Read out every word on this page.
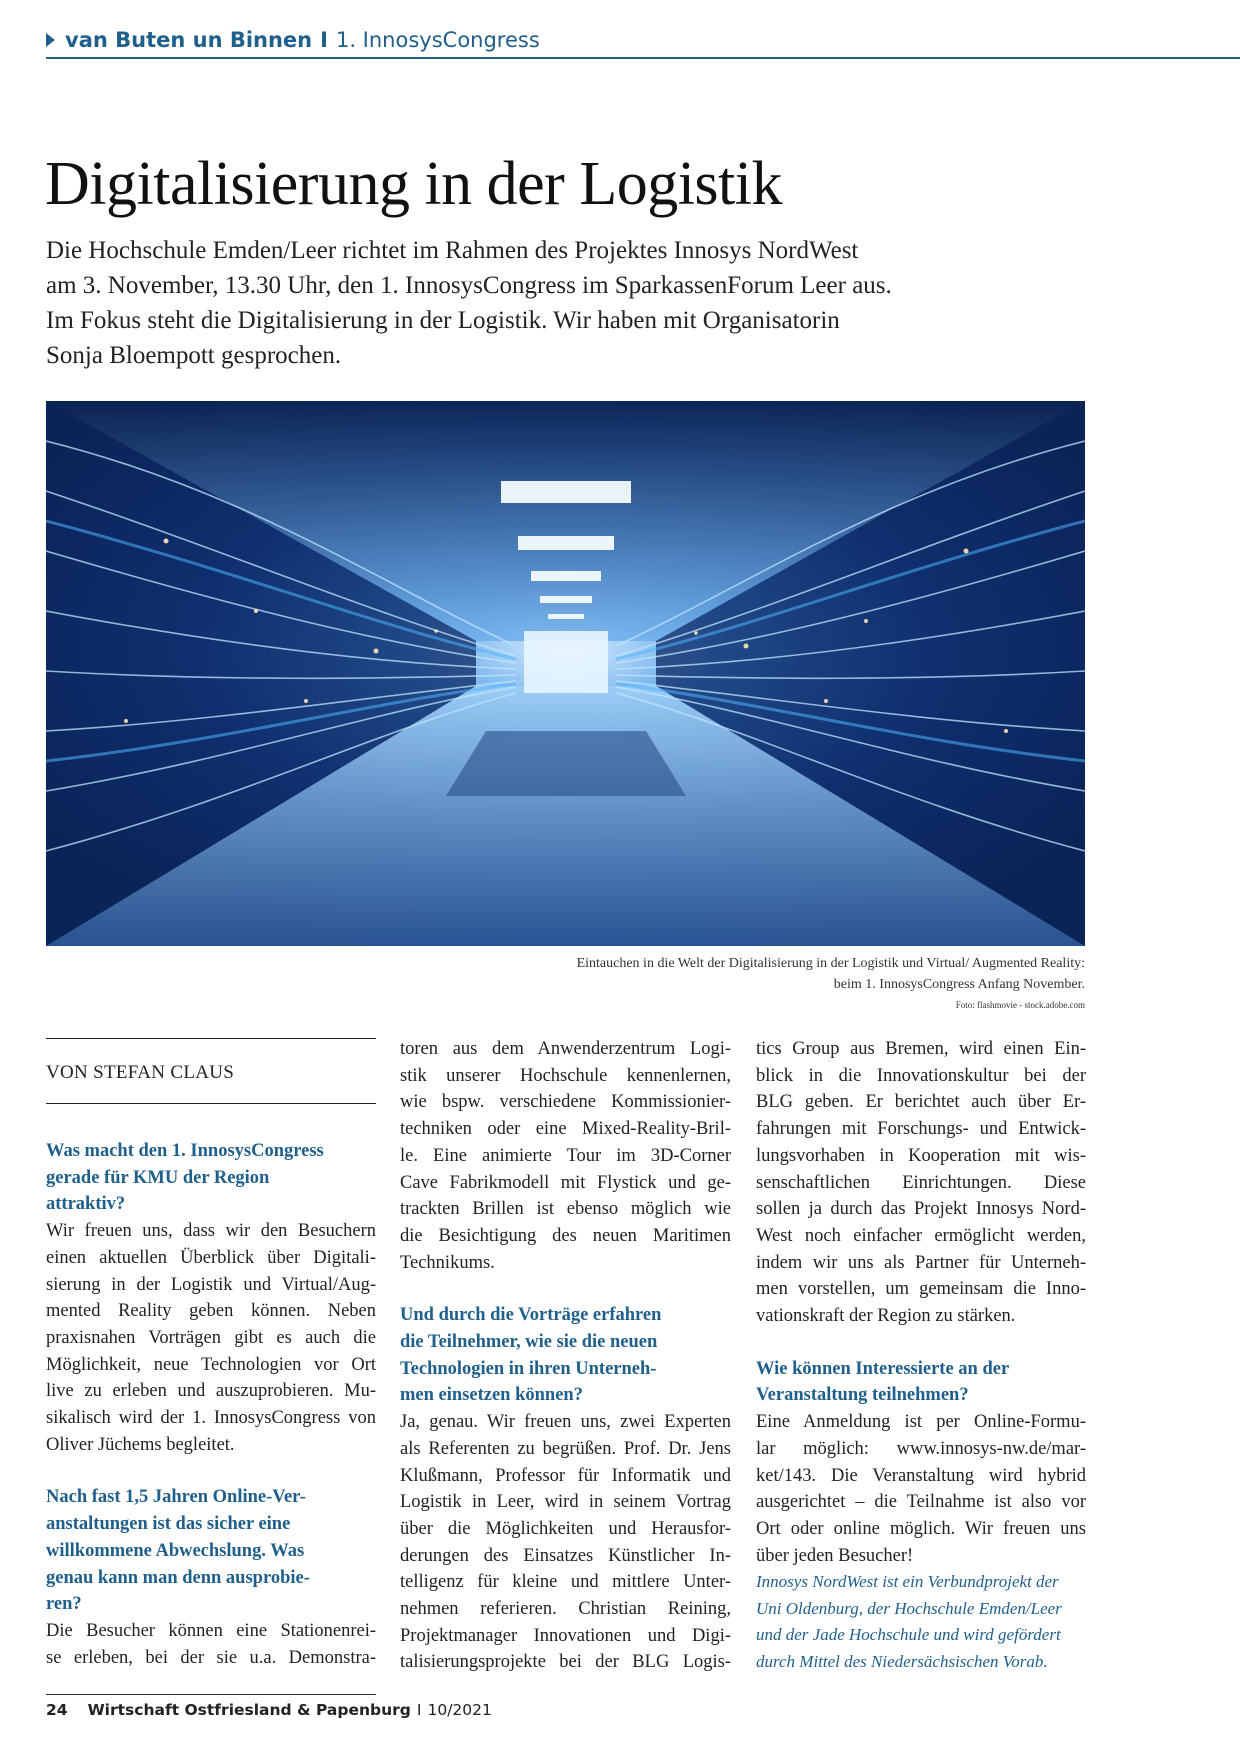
van Buten un Binnen I 1. InnosysCongress
Digitalisierung in der Logistik
Die Hochschule Emden/Leer richtet im Rahmen des Projektes Innosys NordWest
am 3. November, 13.30 Uhr, den 1. InnosysCongress im SparkassenForum Leer aus.
Im Fokus steht die Digitalisierung in der Logistik. Wir haben mit Organisatorin
Sonja Bloempott gesprochen.
Eintauchen in die Welt der Digitalisierung in der Logistik und Virtual/ Augmented Reality:
beim 1. InnosysCongress Anfang November.
Foto: flashmovie - stock.adobe.com
VON STEFAN CLAUS
Was macht den 1. InnosysCongress
gerade für KMU der Region
attraktiv?

Wir freuen uns, dass wir den Besuchern
einen aktuellen Überblick über Digitali-
sierung in der Logistik und Virtual/Aug-
mented Reality geben können. Neben
praxisnahen Vorträgen gibt es auch die
Möglichkeit, neue Technologien vor Ort
live zu erleben und auszuprobieren. Mu-
sikalisch wird der 1. InnosysCongress von
Oliver Jüchems begleitet.

Nach fast 1,5 Jahren Online-Ver-
anstaltungen ist das sicher eine
willkommene Abwechslung. Was
genau kann man denn ausprobie-
ren?

Die Besucher können eine Stationenrei-
se erleben, bei der sie u.a. Demonstra-

toren aus dem Anwenderzentrum Logi-
stik unserer Hochschule kennenlernen,
wie bspw. verschiedene Kommissionier-
techniken oder eine Mixed-Reality-Bril-
le. Eine animierte Tour im 3D-Corner
Cave Fabrikmodell mit Flystick und ge-
trackten Brillen ist ebenso möglich wie
die Besichtigung des neuen Maritimen
Technikums.

Und durch die Vorträge erfahren
die Teilnehmer, wie sie die neuen
Technologien in ihren Unterneh-
men einsetzen können?

Ja, genau. Wir freuen uns, zwei Experten
als Referenten zu begrüßen. Prof. Dr. Jens
Klußmann, Professor für Informatik und
Logistik in Leer, wird in seinem Vortrag
über die Möglichkeiten und Herausfor-
derungen des Einsatzes Künstlicher In-
telligenz für kleine und mittlere Unter-
nehmen referieren. Christian Reining,
Projektmanager Innovationen und Digi-
talisierungsprojekte bei der BLG Logis-

tics Group aus Bremen, wird einen Ein-
blick in die Innovationskultur bei der
BLG geben. Er berichtet auch über Er-
fahrungen mit Forschungs- und Entwick-
lungsvorhaben in Kooperation mit wis-
senschaftlichen Einrichtungen. Diese
sollen ja durch das Projekt Innosys Nord-
West noch einfacher ermöglicht werden,
indem wir uns als Partner für Unterneh-
men vorstellen, um gemeinsam die Inno-
vationskraft der Region zu stärken.

Wie können Interessierte an der
Veranstaltung teilnehmen?

Eine Anmeldung ist per Online-Formu-
lar möglich: www.innosys-nw.de/mar-
ket/143. Die Veranstaltung wird hybrid
ausgerichtet – die Teilnahme ist also vor
Ort oder online möglich. Wir freuen uns
über jeden Besucher!

Innosys NordWest ist ein Verbundprojekt der
Uni Oldenburg, der Hochschule Emden/Leer
und der Jade Hochschule und wird gefördert
durch Mittel des Niedersächsischen Vorab.
24 Wirtschaft Ostfriesland & Papenburg I 10/2021
